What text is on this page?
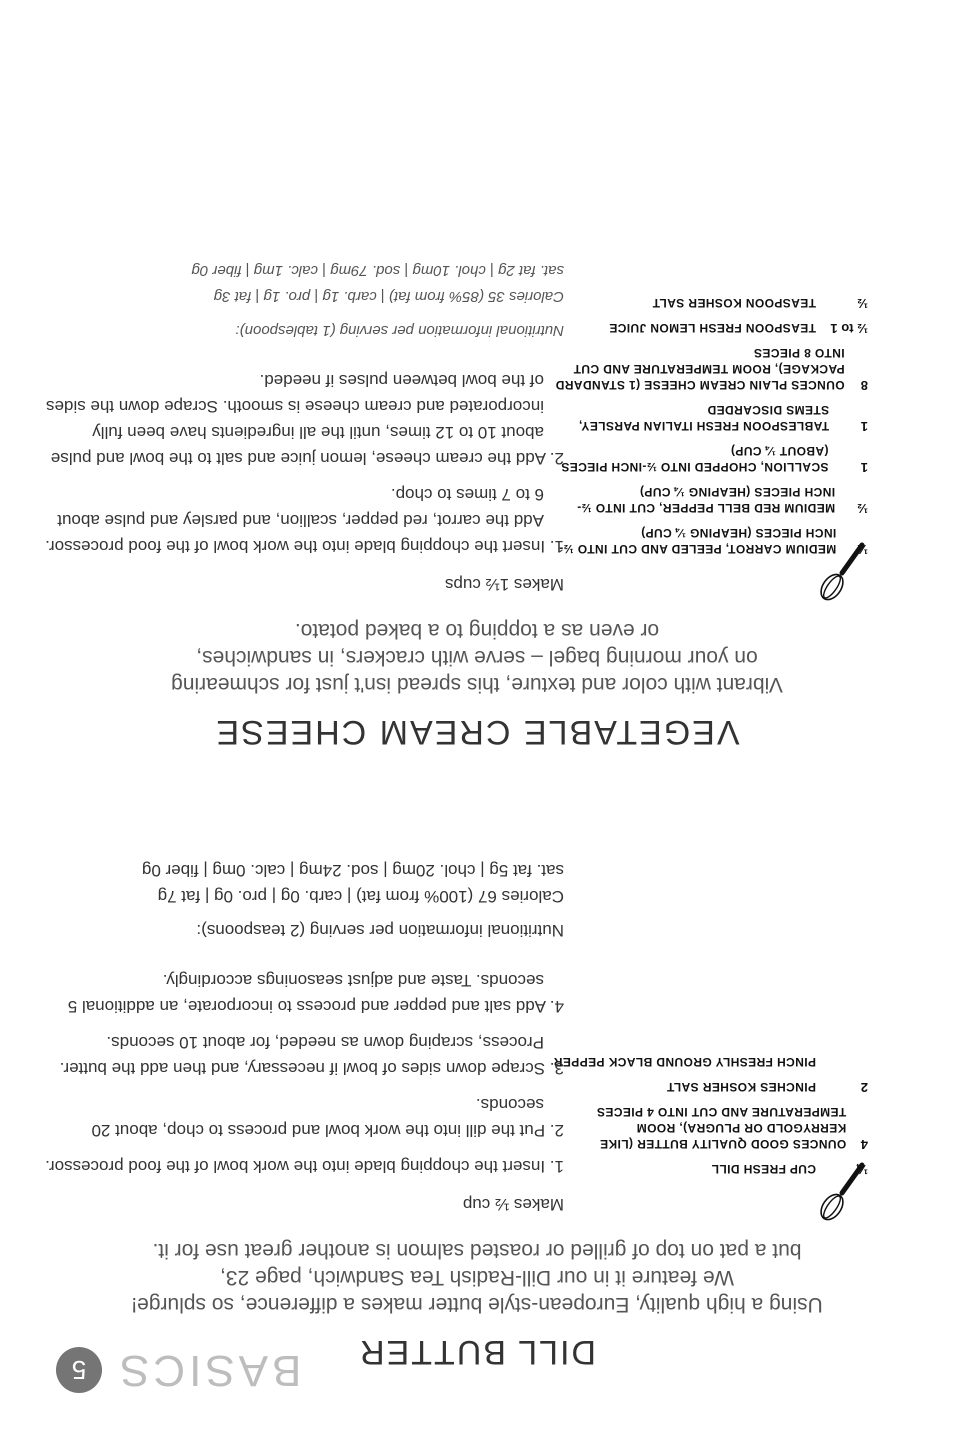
BASICS
5	DILL BUTTER
Using a high quality, European-style butter makes a difference, so splurge!
We feature it in our Dill-Radish Tea Sandwich, page 23,
but a pat on top of grilled or roasted salmon is another great use for it.
¼
CUP FRESH DILL
4
OUNCES GOOD QUALITY BUTTER (LIKE KERRYGOLD OR PLUGRA), ROOM TEMPERATURE AND CUT INTO 4 PIECES
2
PINCHES KOSHER SALT
PINCH FRESHLY GROUND BLACK PEPPER

Makes ½ cup

1. Insert the chopping blade into the work bowl of the food processor.

2. Put the dill into the work bowl and process to chop, about 20 seconds.

3. Scrape down sides of bowl if necessary, and then add the butter. Process, scraping down as needed, for about 10 seconds.

4. Add salt and pepper and process to incorporate, an additional 5 seconds. Taste and adjust seasonings accordingly.

Nutritional information per serving (2 teaspoons):

Calories 67 (100% from fat) | carb. 0g | pro. 0g | fat 7g

sat. fat 5g | chol. 20mg | sod. 24mg | calc. 0mg | fiber 0g

VEGETABLE CREAM CHEESE
Vibrant with color and texture, this spread isn't just for schmearing
on your morning bagel – serve with crackers, in sandwiches,
or even as a topping to a baked potato.
½
MEDIUM CARROT, PEELED AND CUT INTO ½-INCH PIECES (HEAPING ¼ CUP)
½
MEDIUM RED BELL PEPPER, CUT INTO ½-INCH PIECES (HEAPING ¼ CUP)
1
SCALLION, CHOPPED INTO ½-INCH PIECES (ABOUT ¼ CUP)
1
TABLESPOON FRESH ITALIAN PARSLEY, STEMS DISCARDED
8
OUNCES PLAIN CREAM CHEESE (1 STANDARD PACKAGE), ROOM TEMPERATURE AND CUT INTO 8 PIECES
½ to 1
TEASPOON FRESH LEMON JUICE
½
TEASPOON KOSHER SALT

Makes 1½ cups

1. Insert the chopping blade into the work bowl of the food processor. Add the carrot, red pepper, scallion, and parsley and pulse about 6 to 7 times to chop.

2. Add the cream cheese, lemon juice and salt to the bowl and pulse about 10 to 12 times, until the all ingredients have been fully incorporated and cream cheese is smooth. Scrape down the sides of the bowl between pulses if needed.

Nutritional information per serving (1 tablespoon):

Calories 35 (85% from fat) | carb. 1g | pro. 1g | fat 3g

sat. fat 2g | chol. 10mg | sod. 79mg | calc. 1mg | fiber 0g
